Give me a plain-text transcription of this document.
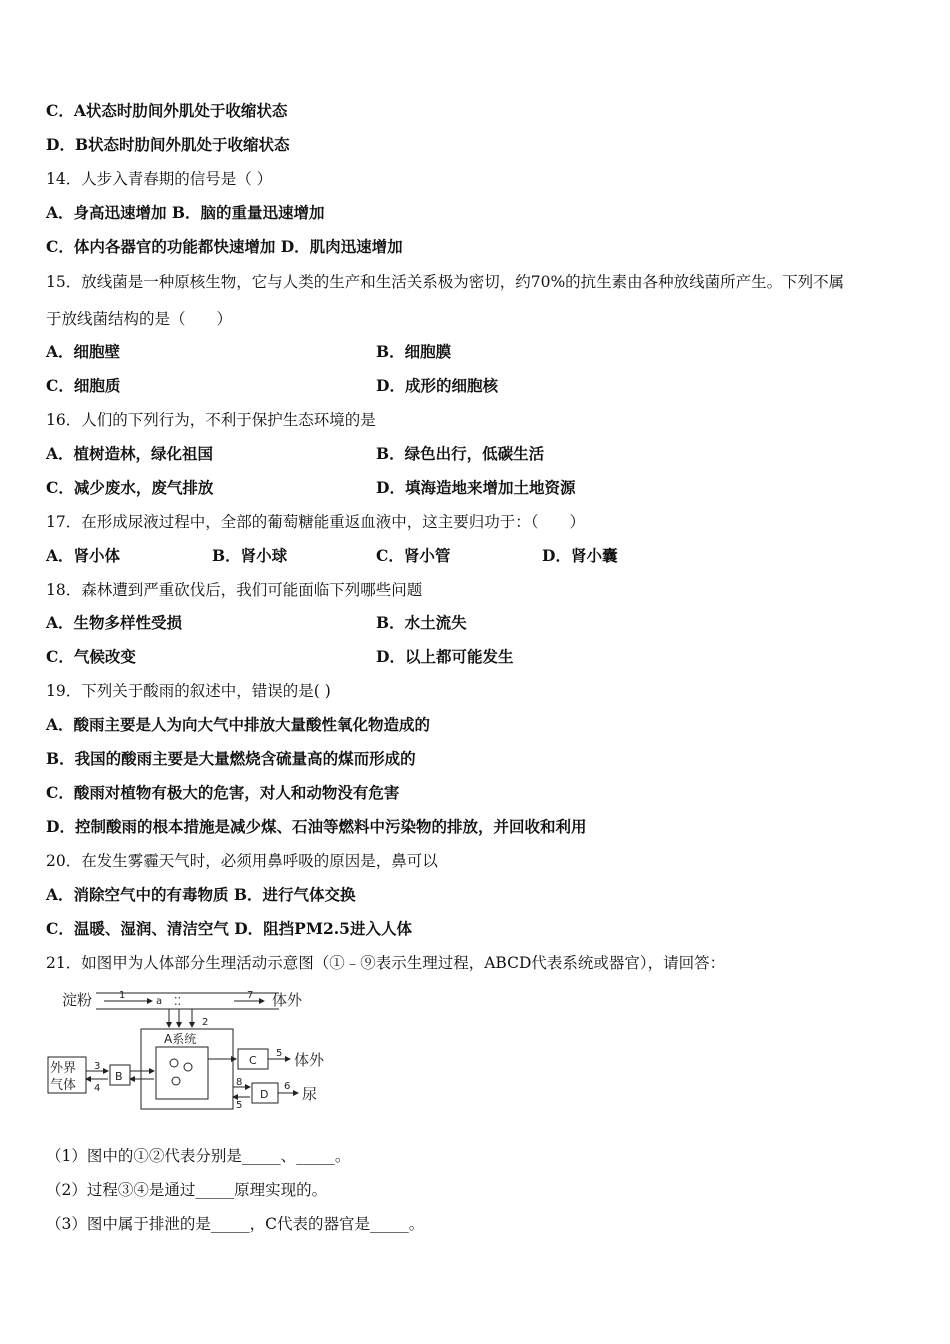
C．A状态时肋间外肌处于收缩状态
D．B状态时肋间外肌处于收缩状态
14．人步入青春期的信号是（ ）
A．身高迅速增加 B．脑的重量迅速增加
C．体内各器官的功能都快速增加 D．肌肉迅速增加
15．放线菌是一种原核生物，它与人类的生产和生活关系极为密切，约70%的抗生素由各种放线菌所产生。下列不属
于放线菌结构的是（　　）
A．细胞壁	B．细胞膜
C．细胞质	D．成形的细胞核
16．人们的下列行为，不利于保护生态环境的是
A．植树造林，绿化祖国	B．绿色出行，低碳生活
C．减少废水，废气排放	D．填海造地来增加土地资源
17．在形成尿液过程中，全部的葡萄糖能重返血液中，这主要归功于：（　　）
A．肾小体	B．肾小球	C．肾小管	D．肾小囊
18．森林遭到严重砍伐后，我们可能面临下列哪些问题
A．生物多样性受损	B．水土流失
C．气候改变	D．以上都可能发生
19．下列关于酸雨的叙述中，错误的是( )
A．酸雨主要是人为向大气中排放大量酸性氧化物造成的
B．我国的酸雨主要是大量燃烧含硫量高的煤而形成的
C．酸雨对植物有极大的危害，对人和动物没有危害
D．控制酸雨的根本措施是减少煤、石油等燃料中污染物的排放，并回收和利用
20．在发生雾霾天气时，必须用鼻呼吸的原因是，鼻可以
A．消除空气中的有毒物质 B．进行气体交换
C．温暖、湿润、清洁空气 D．阻挡PM2.5进入人体
21．如图甲为人体部分生理活动示意图（①﹣⑨表示生理过程，ABCD代表系统或器官），请回答：
淀粉	1
a ⁚⁚	7 体外
2
A系统
外界
气体
3
4
B
C
5 体外
8
5
D
6 尿
（1）图中的①②代表分别是_____、_____。
（2）过程③④是通过_____原理实现的。
（3）图中属于排泄的是_____，C代表的器官是_____。
